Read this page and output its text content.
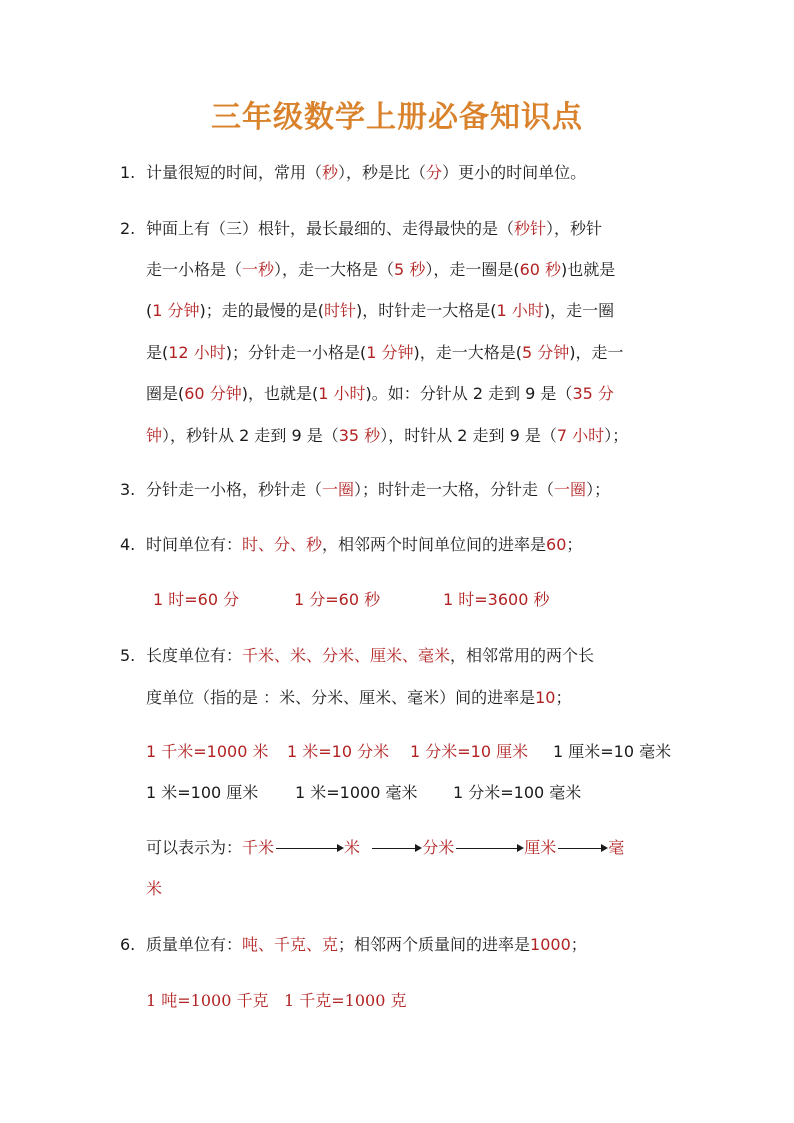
三年级数学上册必备知识点
1. 计量很短的时间，常用（秒），秒是比（分）更小的时间单位。
2. 钟面上有（三）根针，最长最细的、走得最快的是（秒针），秒针
走一小格是（一秒），走一大格是（5 秒），走一圈是(60 秒)也就是
(1 分钟)；走的最慢的是(时针)，时针走一大格是(1 小时)，走一圈
是(12 小时)；分针走一小格是(1 分钟)，走一大格是(5 分钟)，走一
圈是(60 分钟)，也就是(1 小时)。如：分针从 2 走到 9 是（35 分
钟），秒针从 2 走到 9 是（35 秒），时针从 2 走到 9 是（7 小时）；
3. 分针走一小格，秒针走（一圈）；时针走一大格，分针走（一圈）；
4. 时间单位有：时、分、秒，相邻两个时间单位间的进率是60；
1 时=60 分	1 分=60 秒	1 时=3600 秒
5. 长度单位有：千米、米、分米、厘米、毫米，相邻常用的两个长
度单位（指的是 ：米、分米、厘米、毫米）间的进率是10；
1 千米=1000 米 1 米=10 分米 1 分米=10 厘米 1 厘米=10 毫米
1 米=100 厘米 1 米=1000 毫米 1 分米=100 毫米
可以表示为：千米	米	分米	厘米	毫
米
6. 质量单位有：吨、千克、克；相邻两个质量间的进率是1000；
1 吨=1000 千克 1 千克=1000 克
